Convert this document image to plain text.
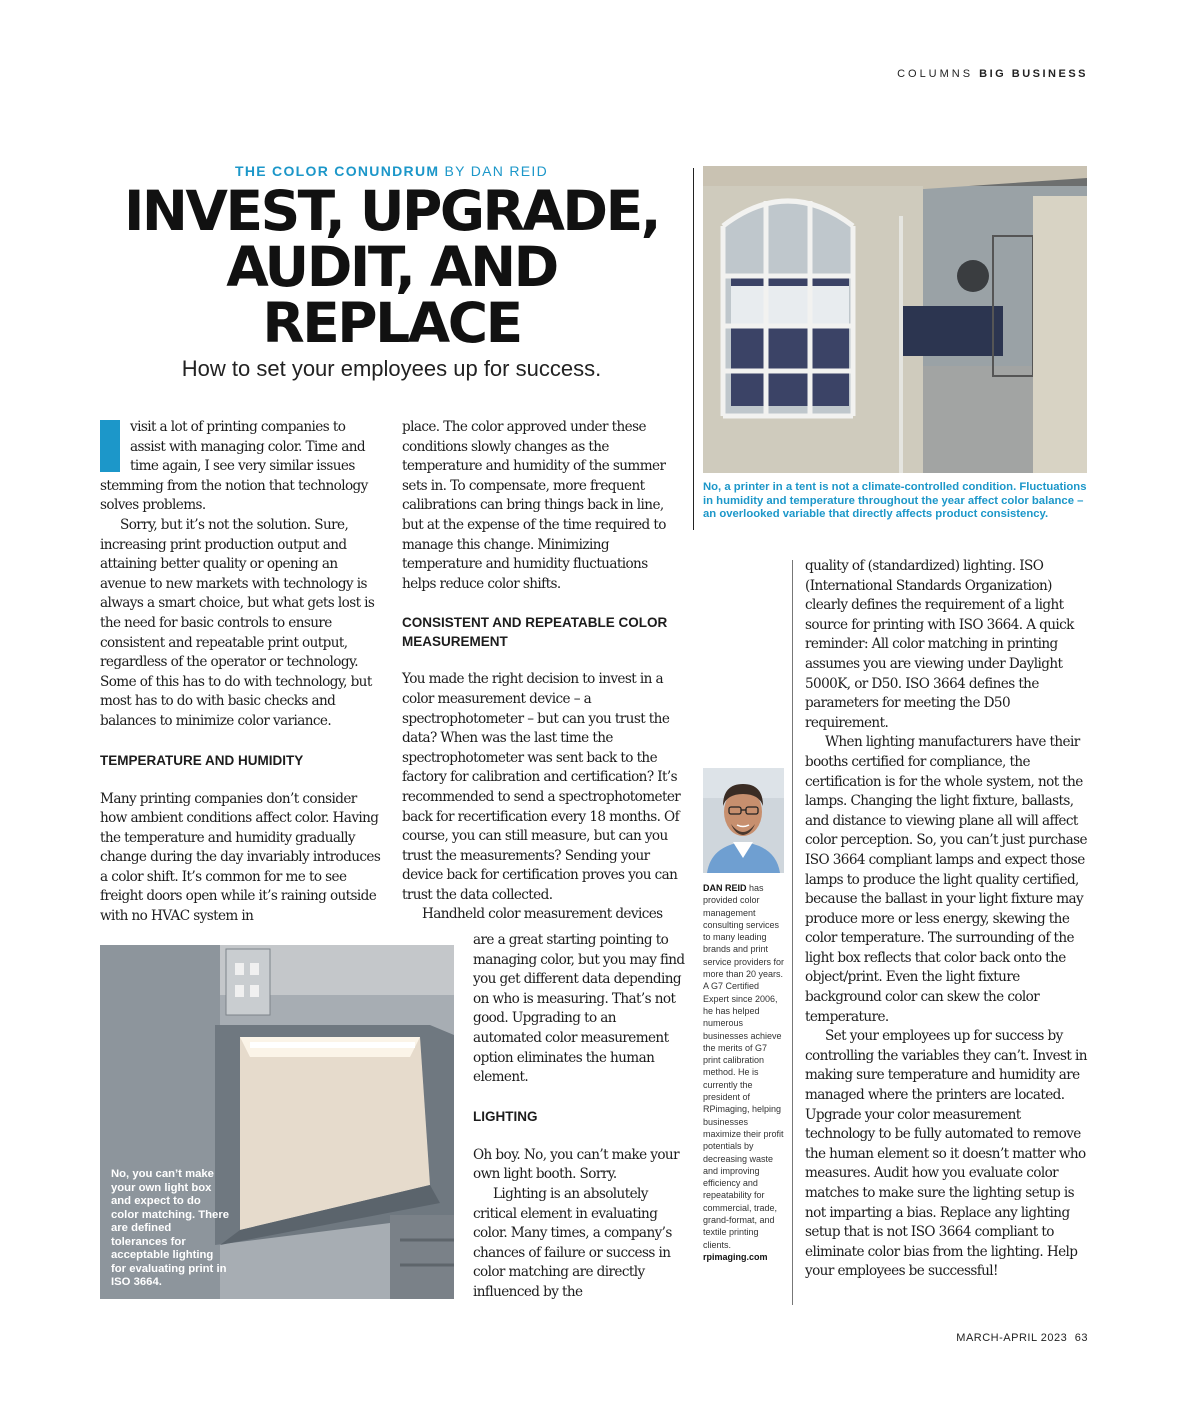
COLUMNS BIG BUSINESS
THE COLOR CONUNDRUM BY DAN REID
INVEST, UPGRADE,
AUDIT, AND
REPLACE
How to set your employees up for success.

visit a lot of printing companies to assist with managing color. Time and time again, I see very similar issues stemming from the notion that technology solves problems.

Sorry, but it’s not the solution. Sure, increasing print production output and attaining better quality or opening an avenue to new markets with technology is always a smart choice, but what gets lost is the need for basic controls to ensure consistent and repeatable print output, regardless of the operator or technology. Some of this has to do with technology, but most has to do with basic checks and balances to minimize color variance.

TEMPERATURE AND HUMIDITY

Many printing companies don’t consider how ambient conditions affect color. Having the temperature and humidity gradually change during the day invariably introduces a color shift. It’s common for me to see freight doors open while it’s raining outside with no HVAC system in

place. The color approved under these conditions slowly changes as the temperature and humidity of the summer sets in. To compensate, more frequent calibrations can bring things back in line, but at the expense of the time required to manage this change. Minimizing temperature and humidity fluctuations helps reduce color shifts.

CONSISTENT AND REPEATABLE COLOR MEASUREMENT

You made the right decision to invest in a color measurement device – a spectrophotometer – but can you trust the data? When was the last time the spectrophotometer was sent back to the factory for calibration and certification? It’s recommended to send a spectrophotometer back for recertification every 18 months. Of course, you can still measure, but can you trust the measurements? Sending your device back for certification proves you can trust the data collected.

Handheld color measurement devices

are a great starting pointing to managing color, but you may find you get different data depending on who is measuring. That’s not good. Upgrading to an automated color measurement option eliminates the human element.

LIGHTING

Oh boy. No, you can’t make your own light booth. Sorry.

Lighting is an absolutely critical element in evaluating color. Many times, a company’s chances of failure or success in color matching are directly influenced by the

quality of (standardized) lighting. ISO (International Standards Organization) clearly defines the requirement of a light source for printing with ISO 3664. A quick reminder: All color matching in printing assumes you are viewing under Daylight 5000K, or D50. ISO 3664 defines the parameters for meeting the D50 requirement.

When lighting manufacturers have their booths certified for compliance, the certification is for the whole system, not the lamps. Changing the light fixture, ballasts, and distance to viewing plane all will affect color perception. So, you can’t just purchase ISO 3664 compliant lamps and expect those lamps to produce the light quality certified, because the ballast in your light fixture may produce more or less energy, skewing the color temperature. The surrounding of the light box reflects that color back onto the object/print. Even the light fixture background color can skew the color temperature.

Set your employees up for success by controlling the variables they can’t. Invest in making sure temperature and humidity are managed where the printers are located. Upgrade your color measurement technology to be fully automated to remove the human element so it doesn’t matter who measures. Audit how you evaluate color matches to make sure the lighting setup is not imparting a bias. Replace any lighting setup that is not ISO 3664 compliant to eliminate color bias from the lighting. Help your employees be successful!

No, a printer in a tent is not a climate-controlled condition. Fluctuations in humidity and temperature throughout the year affect color balance – an overlooked variable that directly affects product consistency.
No, you can’t make your own light box and expect to do color matching. There are defined tolerances for acceptable lighting for evaluating print in ISO 3664.
DAN REID has provided color management consulting services to many leading brands and print service providers for more than 20 years. A G7 Certified Expert since 2006, he has helped numerous businesses achieve the merits of G7 print calibration method. He is currently the president of RPimaging, helping businesses maximize their profit potentials by decreasing waste and improving efficiency and repeatability for commercial, trade, grand-format, and textile printing clients.
rpimaging.com
MARCH-APRIL 2023 63
